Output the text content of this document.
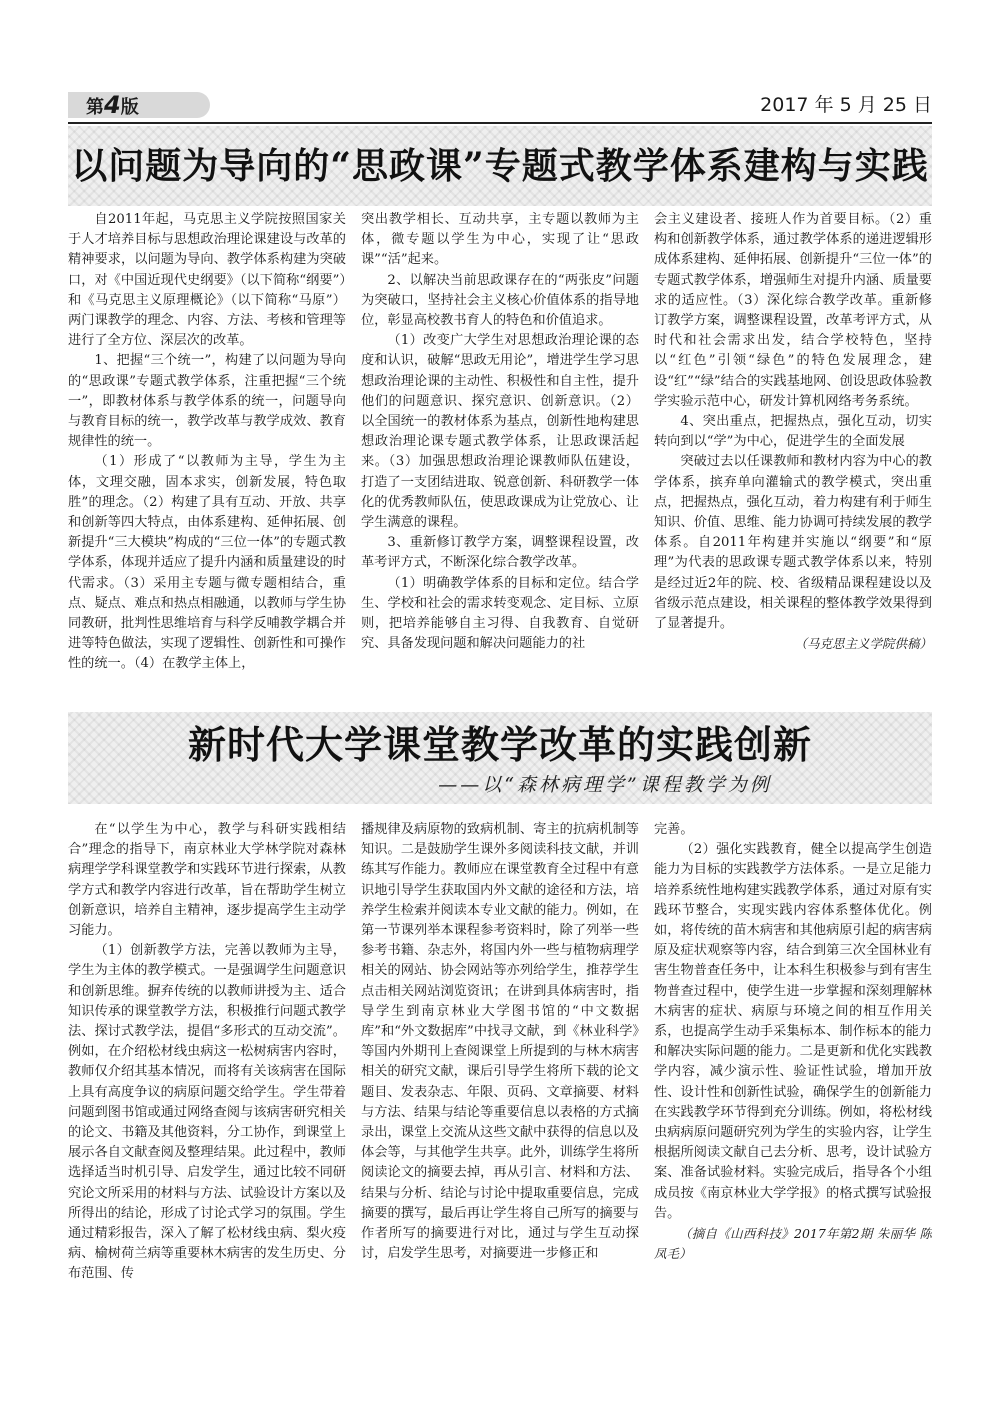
第4版	2017 年 5 月 25 日
以问题为导向的“思政课”专题式教学体系建构与实践

自2011年起，马克思主义学院按照国家关于人才培养目标与思想政治理论课建设与改革的精神要求，以问题为导向、教学体系构建为突破口，对《中国近现代史纲要》（以下简称“纲要”）和《马克思主义原理概论》（以下简称“马原”）两门课教学的理念、内容、方法、考核和管理等进行了全方位、深层次的改革。

1、把握“三个统一”，构建了以问题为导向的“思政课”专题式教学体系，注重把握“三个统一”，即教材体系与教学体系的统一，问题导向与教育目标的统一，教学改革与教学成效、教育规律性的统一。

（1）形成了“以教师为主导，学生为主体，文理交融，固本求实，创新发展，特色取胜”的理念。（2）构建了具有互动、开放、共享和创新等四大特点，由体系建构、延伸拓展、创新提升“三大模块”构成的“三位一体”的专题式教学体系，体现并适应了提升内涵和质量建设的时代需求。（3）采用主专题与微专题相结合，重点、疑点、难点和热点相融通，以教师与学生协同教研，批判性思维培育与科学反哺教学耦合并进等特色做法，实现了逻辑性、创新性和可操作性的统一。（4）在教学主体上，

突出教学相长、互动共享，主专题以教师为主体，微专题以学生为中心，实现了让“思政课”“活”起来。

2、以解决当前思政课存在的“两张皮”问题为突破口，坚持社会主义核心价值体系的指导地位，彰显高校教书育人的特色和价值追求。

（1）改变广大学生对思想政治理论课的态度和认识，破解“思政无用论”，增进学生学习思想政治理论课的主动性、积极性和自主性，提升他们的问题意识、探究意识、创新意识。（2）以全国统一的教材体系为基点，创新性地构建思想政治理论课专题式教学体系，让思政课活起来。（3）加强思想政治理论课教师队伍建设，打造了一支团结进取、锐意创新、科研教学一体化的优秀教师队伍，使思政课成为让党放心、让学生满意的课程。

3、重新修订教学方案，调整课程设置，改革考评方式，不断深化综合教学改革。

（1）明确教学体系的目标和定位。结合学生、学校和社会的需求转变观念、定目标、立原则，把培养能够自主习得、自我教育、自觉研究、具备发现问题和解决问题能力的社

会主义建设者、接班人作为首要目标。（2）重构和创新教学体系，通过教学体系的递进逻辑形成体系建构、延伸拓展、创新提升“三位一体”的专题式教学体系，增强师生对提升内涵、质量要求的适应性。（3）深化综合教学改革。重新修订教学方案，调整课程设置，改革考评方式，从时代和社会需求出发，结合学校特色，坚持以“红色”引领“绿色”的特色发展理念，建设“红”“绿”结合的实践基地网、创设思政体验教学实验示范中心，研发计算机网络考务系统。

4、突出重点，把握热点，强化互动，切实转向到以“学”为中心，促进学生的全面发展

突破过去以任课教师和教材内容为中心的教学体系，摈弃单向灌输式的教学模式，突出重点，把握热点，强化互动，着力构建有利于师生知识、价值、思维、能力协调可持续发展的教学体系。自2011年构建并实施以“纲要”和“原理”为代表的思政课专题式教学体系以来，特别是经过近2年的院、校、省级精品课程建设以及省级示范点建设，相关课程的整体教学效果得到了显著提升。

（马克思主义学院供稿）

新时代大学课堂教学改革的实践创新
——以“森林病理学”课程教学为例

在“以学生为中心，教学与科研实践相结合”理念的指导下，南京林业大学林学院对森林病理学学科课堂教学和实践环节进行探索，从教学方式和教学内容进行改革，旨在帮助学生树立创新意识，培养自主精神，逐步提高学生主动学习能力。

（1）创新教学方法，完善以教师为主导，学生为主体的教学模式。一是强调学生问题意识和创新思维。摒弃传统的以教师讲授为主、适合知识传承的课堂教学方法，积极推行问题式教学法、探讨式教学法，提倡“多形式的互动交流”。例如，在介绍松材线虫病这一松树病害内容时，教师仅介绍其基本情况，而将有关该病害在国际上具有高度争议的病原问题交给学生。学生带着问题到图书馆或通过网络查阅与该病害研究相关的论文、书籍及其他资料，分工协作，到课堂上展示各自文献查阅及整理结果。此过程中，教师选择适当时机引导、启发学生，通过比较不同研究论文所采用的材料与方法、试验设计方案以及所得出的结论，形成了讨论式学习的氛围。学生通过精彩报告，深入了解了松材线虫病、梨火疫病、榆树荷兰病等重要林木病害的发生历史、分布范围、传

播规律及病原物的致病机制、寄主的抗病机制等知识。二是鼓励学生课外多阅读科技文献，并训练其写作能力。教师应在课堂教育全过程中有意识地引导学生获取国内外文献的途径和方法，培养学生检索并阅读本专业文献的能力。例如，在第一节课列举本课程参考资料时，除了列举一些参考书籍、杂志外，将国内外一些与植物病理学相关的网站、协会网站等亦列给学生，推荐学生点击相关网站浏览资讯；在讲到具体病害时，指导学生到南京林业大学图书馆的“中文数据库”和“外文数据库”中找寻文献，到《林业科学》等国内外期刊上查阅课堂上所提到的与林木病害相关的研究文献，课后引导学生将所下载的论文题目、发表杂志、年限、页码、文章摘要、材料与方法、结果与结论等重要信息以表格的方式摘录出，课堂上交流从这些文献中获得的信息以及体会等，与其他学生共享。此外，训练学生将所阅读论文的摘要去掉，再从引言、材料和方法、结果与分析、结论与讨论中提取重要信息，完成摘要的撰写，最后再让学生将自己所写的摘要与作者所写的摘要进行对比，通过与学生互动探讨，启发学生思考，对摘要进一步修正和

完善。

（2）强化实践教育，健全以提高学生创造能力为目标的实践教学方法体系。一是立足能力培养系统性地构建实践教学体系，通过对原有实践环节整合，实现实践内容体系整体优化。例如，将传统的苗木病害和其他病原引起的病害病原及症状观察等内容，结合到第三次全国林业有害生物普查任务中，让本科生积极参与到有害生物普查过程中，使学生进一步掌握和深刻理解林木病害的症状、病原与环境之间的相互作用关系，也提高学生动手采集标本、制作标本的能力和解决实际问题的能力。二是更新和优化实践教学内容，减少演示性、验证性试验，增加开放性、设计性和创新性试验，确保学生的创新能力在实践教学环节得到充分训练。例如，将松材线虫病病原问题研究列为学生的实验内容，让学生根据所阅读文献自己去分析、思考，设计试验方案、准备试验材料。实验完成后，指导各个小组成员按《南京林业大学学报》的格式撰写试验报告。

（摘自《山西科技》2017年第2期 朱丽华 陈凤毛）
